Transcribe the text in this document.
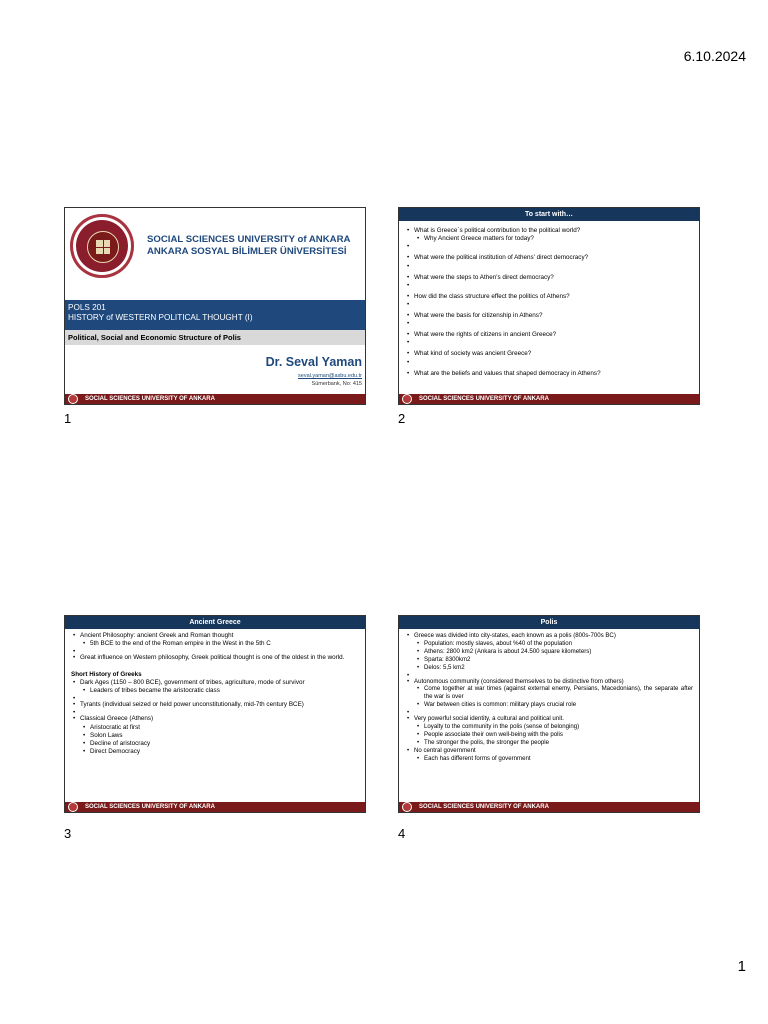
6.10.2024
SOCIAL SCIENCES UNIVERSITY of ANKARA
ANKARA SOSYAL BİLİMLER ÜNİVERSİTESİ
POLS 201
HISTORY of WESTERN POLITICAL THOUGHT (I)
Political, Social and Economic Structure of Polis
Dr. Seval Yaman
seval.yaman@asbu.edu.tr
Sümerbank, No: 415
SOCIAL SCIENCES UNIVERSITY OF ANKARA
1
To start with…
• What is Greece`s political contribution to the political world?
• Why Ancient Greece matters for today?
•
• What were the political institution of Athens' direct democracy?
•
• What were the steps to Athen's direct democracy?
•
• How did the class structure effect the politics of Athens?
•
• What were the basis for citizenship in Athens?
•
• What were the rights of citizens in ancient Greece?
•
• What kind of society was ancient Greece?
•
• What are the beliefs and values that shaped democracy in Athens?
SOCIAL SCIENCES UNIVERSITY OF ANKARA
2
Ancient Greece
• Ancient Philosophy: ancient Greek and Roman thought
• 5th BCE to the end of the Roman empire in the West in the 5th C
•
• Great influence on Western philosophy, Greek political thought is one of the oldest in the world.
Short History of Greeks
• Dark Ages (1150 – 800 BCE), government of tribes, agriculture, mode of survivor
• Leaders of tribes became the aristocratic class
•
• Tyrants (individual seized or held power unconstitutionally, mid-7th century BCE)
•
• Classical Greece (Athens)
• Aristocratic at first
• Solon Laws
• Decline of aristocracy
• Direct Democracy
SOCIAL SCIENCES UNIVERSITY OF ANKARA
3
Polis
• Greece was divided into city-states, each known as a polis (800s-700s BC)
• Population: mostly slaves, about %40 of the population
• Athens: 2800 km2 (Ankara is about 24.500 square kilometers)
• Sparta: 8300km2
• Delos: 5,5 km2
•
• Autonomous community (considered themselves to be distinctive from others)
• Come together at war times (against external enemy, Persians, Macedonians), the separate after the war is over
• War between cities is common: military plays crucial role
•
• Very powerful social identity, a cultural and political unit.
• Loyalty to the community in the polis (sense of belonging)
• People associate their own well-being with the polis
• The stronger the polis, the stronger the people
• No central government
• Each has different forms of government
SOCIAL SCIENCES UNIVERSITY OF ANKARA
4
1
